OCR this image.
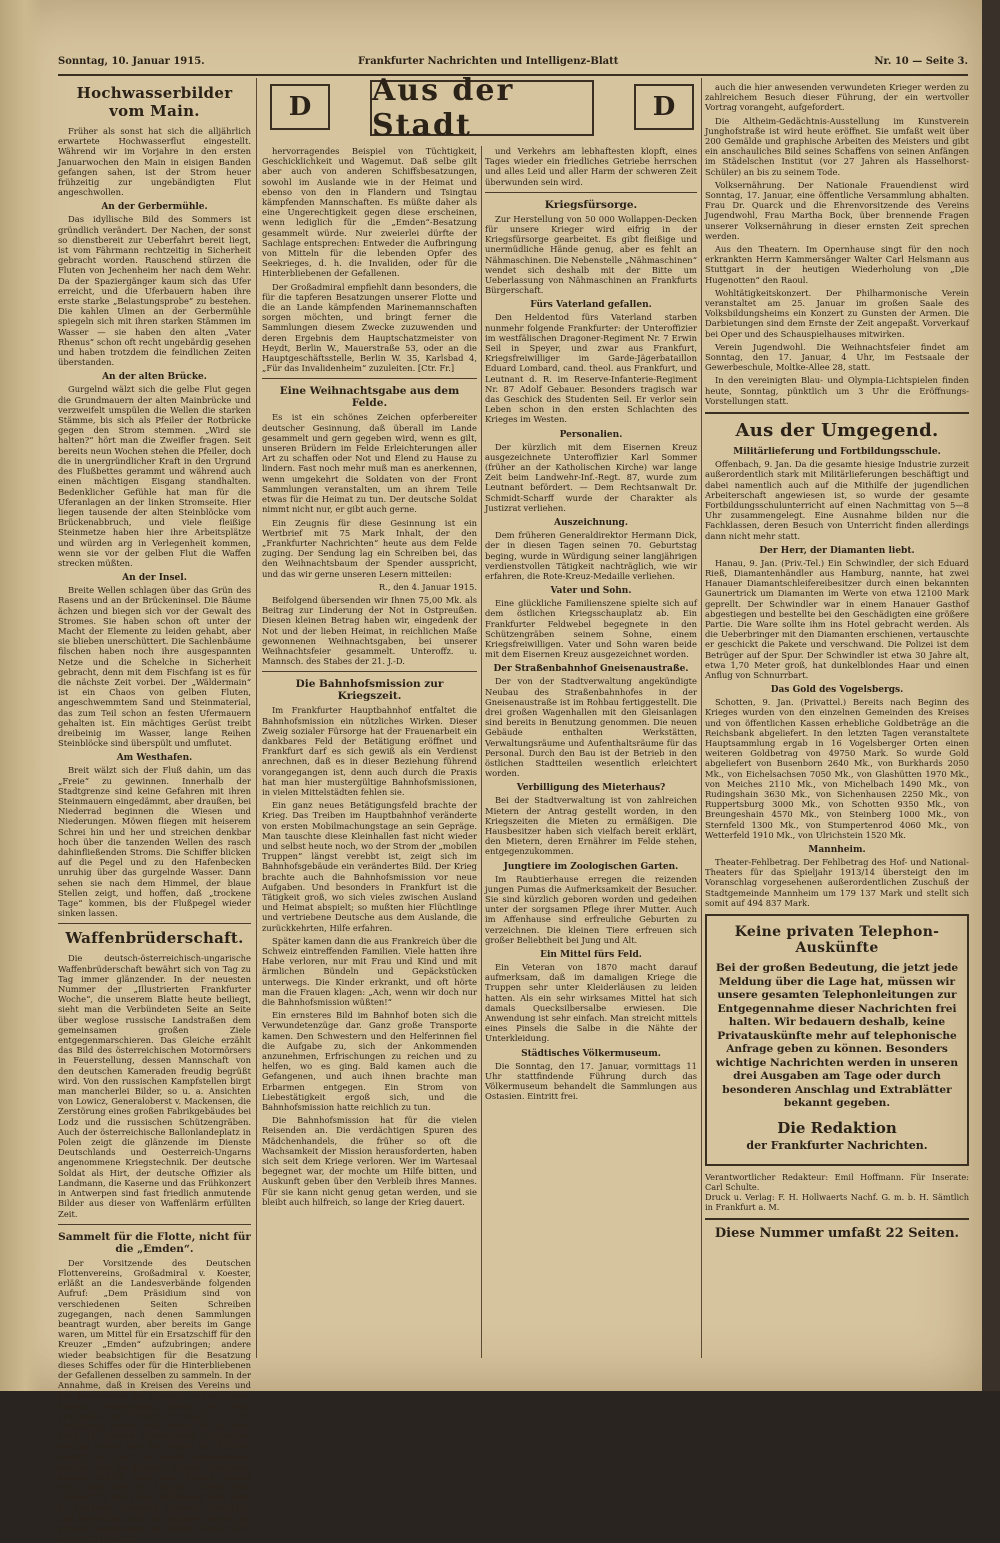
Sonntag, 10. Januar 1915.	Frankfurter Nachrichten und Intelligenz-Blatt	Nr. 10 — Seite 3.
D	Aus der Stadt
D
Hochwasserbilder vom Main.

Früher als sonst hat sich die alljährlich erwartete Hochwasserflut eingestellt. Während wir im Vorjahre in den ersten Januarwochen den Main in eisigen Banden gefangen sahen, ist der Strom heuer frühzeitig zur ungebändigten Flut angeschwollen.

An der Gerbermühle.

Das idyllische Bild des Sommers ist gründlich verändert. Der Nachen, der sonst so dienstbereit zur Ueberfahrt bereit liegt, ist vom Fährmann rechtzeitig in Sicherheit gebracht worden. Rauschend stürzen die Fluten von Jechenheim her nach dem Wehr. Da der Spaziergänger kaum sich das Ufer erreicht, und die Uferbauern haben ihre erste starke „Belastungsprobe“ zu bestehen. Die kahlen Ulmen an der Gerbermühle spiegeln sich mit ihren starken Stämmen im Wasser — sie haben den alten „Vater Rhenus“ schon oft recht ungebärdig gesehen und haben trotzdem die feindlichen Zeiten überstanden.

An der alten Brücke.

Gurgelnd wälzt sich die gelbe Flut gegen die Grundmauern der alten Mainbrücke und verzweifelt umspülen die Wellen die starken Stämme, bis sich als Pfeiler der Rotbrücke gegen den Strom stemmen. „Wird sie halten?“ hört man die Zweifler fragen. Seit bereits neun Wochen stehen die Pfeiler, doch die in unergründlicher Kraft in den Urgrund des Flußbettes gerammt und während auch einen mächtigen Eisgang standhalten. Bedenklicher Gefühle hat man für die Uferanlagen an der linken Stromseite. Hier liegen tausende der alten Steinblöcke vom Brückenabbruch, und viele fleißige Steinmetze haben hier ihre Arbeitsplätze und würden arg in Verlegenheit kommen, wenn sie vor der gelben Flut die Waffen strecken müßten.

An der Insel.

Breite Wellen schlagen über das Grün des Rasens und an der Brückeninsel. Die Bäume ächzen und biegen sich vor der Gewalt des Stromes. Sie haben schon oft unter der Macht der Elemente zu leiden gehabt, aber sie blieben unerschüttert. Die Sachlenbäume filschen haben noch ihre ausgespannten Netze und die Schelche in Sicherheit gebracht, denn mit dem Fischfang ist es für die nächste Zeit vorbei. Der „Wäldermain“ ist ein Chaos von gelben Fluten, angeschwemmtem Sand und Steinmaterial, das zum Teil schon an festen Ufermauern gehalten ist. Ein mächtiges Gerüst treibt dreibeinig im Wasser, lange Reihen Steinblöcke sind überspült und umflutet.

Am Westhafen.

Breit wälzt sich der Fluß dahin, um das „Freie“ zu gewinnen. Innerhalb der Stadtgrenze sind keine Gefahren mit ihren Steinmauern eingedämmt, aber draußen, bei Niederrad beginnen die Wiesen und Niederungen. Möwen fliegen mit heiserem Schrei hin und her und streichen denkbar hoch über die tanzenden Wellen des rasch dahinfließenden Stroms. Die Schiffer blicken auf die Pegel und zu den Hafenbecken unruhig über das gurgelnde Wasser. Dann sehen sie nach dem Himmel, der blaue Stellen zeigt, und hoffen, daß „trockene Tage“ kommen, bis der Flußpegel wieder sinken lassen.

Waffenbrüderschaft.

Die deutsch-österreichisch-ungarische Waffenbrüderschaft bewährt sich von Tag zu Tag immer glänzender. In der neuesten Nummer der „Illustrierten Frankfurter Woche“, die unserem Blatte heute beiliegt, sieht man die Verbündeten Seite an Seite über weglose russische Landstraßen dem gemeinsamen großen Ziele entgegenmarschieren. Das Gleiche erzählt das Bild des österreichischen Motormörsers in Feuerstellung, dessen Mannschaft von den deutschen Kameraden freudig begrüßt wird. Von den russischen Kampfstellen birgt man mancherlei Bilder, so u. a. Ansichten von Lowicz, Generaloberst v. Mackensen, die Zerstörung eines großen Fabrikgebäudes bei Lodz und die russischen Schützengräben. Auch der österreichische Ballonlandeplatz in Polen zeigt die glänzende im Dienste Deutschlands und Oesterreich-Ungarns angenommene Kriegstechnik. Der deutsche Soldat als Hirt, der deutsche Offizier als Landmann, die Kaserne und das Frühkonzert in Antwerpen sind fast friedlich anmutende Bilder aus dieser von Waffenlärm erfüllten Zeit.

Sammelt für die Flotte, nicht für die „Emden“.

Der Vorsitzende des Deutschen Flottenvereins, Großadmiral v. Koester, erläßt an die Landesverbände folgenden Aufruf: „Dem Präsidium sind von verschiedenen Seiten Schreiben zugegangen, nach denen Sammlungen beantragt wurden, aber bereits im Gange waren, um Mittel für ein Ersatzschiff für den Kreuzer „Emden“ aufzubringen; andere wieder beabsichtigen für die Besatzung dieses Schiffes oder für die Hinterbliebenen der Gefallenen desselben zu sammeln. In der Annahme, daß in Kreisen des Vereins und der Bevölkerung die Meinung verbreitet sein könnte, Sammlungen dieser Art seien erwünscht und förderlich, erkläre ich zur Aufklärung weiter, daß weder für das eine noch das andere Sammlungen ausgerufen werden sollen. Was den Ersatz des Schiffes betrifft, so darf als gewiß angenommen werden, daß der Kreuzer „Emden“ gleichwie andere Schiffe nach dem Kriege ersetzt wird, und daß in Zukunft wieder eine „Emden“ in der Flotte vorhanden sein wird. Es erscheint demnach Sammeln zwecklos, und beschränkt sich die Aufgabe darauf, die private Sammlungen zu diesem Zweck nicht weiter zu fördern.

hervorragendes Beispiel von Tüchtigkeit, Geschicklichkeit und Wagemut. Daß selbe gilt aber auch von anderen Schiffsbesatzungen, sowohl im Auslande wie in der Heimat und ebenso von den in Flandern und Tsingtau kämpfenden Mannschaften. Es müßte daher als eine Ungerechtigkeit gegen diese erscheinen, wenn lediglich für die „Emden“-Besatzung gesammelt würde. Nur zweierlei dürfte der Sachlage entsprechen: Entweder die Aufbringung von Mitteln für die lebenden Opfer des Seekrieges, d. h. die Invaliden, oder für die Hinterbliebenen der Gefallenen.

Der Großadmiral empfiehlt dann besonders, die für die tapferen Besatzungen unserer Flotte und die an Lande kämpfenden Marinemannschaften sorgen möchten, und bringt ferner die Sammlungen diesem Zwecke zuzuwenden und deren Ergebnis dem Hauptschatzmeister von Heydt, Berlin W., Mauerstraße 53, oder an die Hauptgeschäftsstelle, Berlin W. 35, Karlsbad 4, „Für das Invalidenheim“ zuzuleiten. [Ctr. Fr.]

Eine Weihnachtsgabe aus dem Felde.

Es ist ein schönes Zeichen opferbereiter deutscher Gesinnung, daß überall im Lande gesammelt und gern gegeben wird, wenn es gilt, unseren Brüdern im Felde Erleichterungen aller Art zu schaffen oder Not und Elend zu Hause zu lindern. Fast noch mehr muß man es anerkennen, wenn umgekehrt die Soldaten von der Front Sammlungen veranstalten, um an ihrem Teile etwas für die Heimat zu tun. Der deutsche Soldat nimmt nicht nur, er gibt auch gerne.

Ein Zeugnis für diese Gesinnung ist ein Wertbrief mit 75 Mark Inhalt, der den „Frankfurter Nachrichten“ heute aus dem Felde zuging. Der Sendung lag ein Schreiben bei, das den Weihnachtsbaum der Spender ausspricht, und das wir gerne unseren Lesern mitteilen:

R., den 4. Januar 1915.

Beifolgend übersenden wir Ihnen 75,00 Mk. als Beitrag zur Linderung der Not in Ostpreußen. Diesen kleinen Betrag haben wir, eingedenk der Not und der lieben Heimat, in reichlichen Maße gewonnenen Weihnachtsgaben, bei unserer Weihnachtsfeier gesammelt. Unteroffz. u. Mannsch. des Stabes der 21. J.-D.

Die Bahnhofsmission zur Kriegszeit.

Im Frankfurter Hauptbahnhof entfaltet die Bahnhofsmission ein nützliches Wirken. Dieser Zweig sozialer Fürsorge hat der Frauenarbeit ein dankbares Feld der Betätigung eröffnet und Frankfurt darf es sich gewiß als ein Verdienst anrechnen, daß es in dieser Beziehung führend vorangegangen ist, denn auch durch die Praxis hat man hier mustergültige Bahnhofsmissionen, in vielen Mittelstädten fehlen sie.

Ein ganz neues Betätigungsfeld brachte der Krieg. Das Treiben im Hauptbahnhof veränderte von ersten Mobilmachungstage an sein Gepräge. Man tauschte diese Kleinhallen fast nicht wieder und selbst heute noch, wo der Strom der „mobilen Truppen“ längst verebbt ist, zeigt sich im Bahnhofsgebäude ein verändertes Bild. Der Krieg brachte auch die Bahnhofsmission vor neue Aufgaben. Und besonders in Frankfurt ist die Tätigkeit groß, wo sich vieles zwischen Ausland und Heimat abspielt; so mußten hier Flüchtlinge und vertriebene Deutsche aus dem Auslande, die zurückkehrten, Hilfe erfahren.

Später kamen dann die aus Frankreich über die Schweiz eintreffenden Familien. Viele hatten ihre Habe verloren, nur mit Frau und Kind und mit ärmlichen Bündeln und Gepäckstücken unterwegs. Die Kinder erkrankt, und oft hörte man die Frauen klagen: „Ach, wenn wir doch nur die Bahnhofsmission wüßten!“

Ein ernsteres Bild im Bahnhof boten sich die Verwundetenzüge dar. Ganz große Transporte kamen. Den Schwestern und den Helferinnen fiel die Aufgabe zu, sich der Ankommenden anzunehmen, Erfrischungen zu reichen und zu helfen, wo es ging. Bald kamen auch die Gefangenen, und auch ihnen brachte man Erbarmen entgegen. Ein Strom von Liebestätigkeit ergoß sich, und die Bahnhofsmission hatte reichlich zu tun.

Die Bahnhofsmission hat für die vielen Reisenden an. Die verdächtigen Spuren des Mädchenhandels, die früher so oft die Wachsamkeit der Mission herausforderten, haben sich seit dem Kriege verloren. Wer im Wartesaal begegnet war, der mochte um Hilfe bitten, und Auskunft geben über den Verbleib ihres Mannes. Für sie kann nicht genug getan werden, und sie bleibt auch hilfreich, so lange der Krieg dauert.

und Verkehrs am lebhaftesten klopft, eines Tages wieder ein friedliches Getriebe herrschen und alles Leid und aller Harm der schweren Zeit überwunden sein wird.

Kriegsfürsorge.

Zur Herstellung von 50 000 Wollappen-Decken für unsere Krieger wird eifrig in der Kriegsfürsorge gearbeitet. Es gibt fleißige und unermüdliche Hände genug, aber es fehlt an Nähmaschinen. Die Nebenstelle „Nähmaschinen“ wendet sich deshalb mit der Bitte um Ueberlassung von Nähmaschinen an Frankfurts Bürgerschaft.

Fürs Vaterland gefallen.

Den Heldentod fürs Vaterland starben nunmehr folgende Frankfurter: der Unteroffizier im westfälischen Dragoner-Regiment Nr. 7 Erwin Seil in Speyer, und zwar aus Frankfurt, Kriegsfreiwilliger im Garde-Jägerbataillon Eduard Lombard, cand. theol. aus Frankfurt, und Leutnant d. R. im Reserve-Infanterie-Regiment Nr. 87 Adolf Gebauer. Besonders tragisch war das Geschick des Studenten Seil. Er verlor sein Leben schon in den ersten Schlachten des Krieges im Westen.

Personalien.

Der kürzlich mit dem Eisernen Kreuz ausgezeichnete Unteroffizier Karl Sommer (früher an der Katholischen Kirche) war lange Zeit beim Landwehr-Inf.-Regt. 87, wurde zum Leutnant befördert. — Dem Rechtsanwalt Dr. Schmidt-Scharff wurde der Charakter als Justizrat verliehen.

Auszeichnung.

Dem früheren Generaldirektor Hermann Dick, der in diesen Tagen seinen 70. Geburtstag beging, wurde in Würdigung seiner langjährigen verdienstvollen Tätigkeit nachträglich, wie wir erfahren, die Rote-Kreuz-Medaille verliehen.

Vater und Sohn.

Eine glückliche Familienszene spielte sich auf dem östlichen Kriegsschauplatz ab. Ein Frankfurter Feldwebel begegnete in den Schützengräben seinem Sohne, einem Kriegsfreiwilligen. Vater und Sohn waren beide mit dem Eisernen Kreuz ausgezeichnet worden.

Der Straßenbahnhof Gneisenaustraße.

Der von der Stadtverwaltung angekündigte Neubau des Straßenbahnhofes in der Gneisenaustraße ist im Rohbau fertiggestellt. Die drei großen Wagenhallen mit den Gleisanlagen sind bereits in Benutzung genommen. Die neuen Gebäude enthalten Werkstätten, Verwaltungsräume und Aufenthaltsräume für das Personal. Durch den Bau ist der Betrieb in den östlichen Stadtteilen wesentlich erleichtert worden.

Verbilligung des Mieterhaus?

Bei der Stadtverwaltung ist von zahlreichen Mietern der Antrag gestellt worden, in den Kriegszeiten die Mieten zu ermäßigen. Die Hausbesitzer haben sich vielfach bereit erklärt, den Mietern, deren Ernährer im Felde stehen, entgegenzukommen.

Jungtiere im Zoologischen Garten.

Im Raubtierhause erregen die reizenden jungen Pumas die Aufmerksamkeit der Besucher. Sie sind kürzlich geboren worden und gedeihen unter der sorgsamen Pflege ihrer Mutter. Auch im Affenhause sind erfreuliche Geburten zu verzeichnen. Die kleinen Tiere erfreuen sich großer Beliebtheit bei Jung und Alt.

Ein Mittel fürs Feld.

Ein Veteran von 1870 macht darauf aufmerksam, daß im damaligen Kriege die Truppen sehr unter Kleiderläusen zu leiden hatten. Als ein sehr wirksames Mittel hat sich damals Quecksilbersalbe erwiesen. Die Anwendung ist sehr einfach. Man streicht mittels eines Pinsels die Salbe in die Nähte der Unterkleidung.

Städtisches Völkermuseum.

Die Sonntag, den 17. Januar, vormittags 11 Uhr stattfindende Führung durch das Völkermuseum behandelt die Sammlungen aus Ostasien. Eintritt frei.

auch die hier anwesenden verwundeten Krieger werden zu zahlreichem Besuch dieser Führung, der ein wertvoller Vortrag vorangeht, aufgefordert.

Die Altheim-Gedächtnis-Ausstellung im Kunstverein Junghofstraße ist wird heute eröffnet. Sie umfaßt weit über 200 Gemälde und graphische Arbeiten des Meisters und gibt ein anschauliches Bild seines Schaffens von seinen Anfängen im Städelschen Institut (vor 27 Jahren als Hasselhorst-Schüler) an bis zu seinem Tode.

Volksernährung. Der Nationale Frauendienst wird Sonntag, 17. Januar, eine öffentliche Versammlung abhalten. Frau Dr. Quarck und die Ehrenvorsitzende des Vereins Jugendwohl, Frau Martha Bock, über brennende Fragen unserer Volksernährung in dieser ernsten Zeit sprechen werden.

Aus den Theatern. Im Opernhause singt für den noch erkrankten Herrn Kammersänger Walter Carl Helsmann aus Stuttgart in der heutigen Wiederholung von „Die Hugenotten“ den Raoul.

Wohltätigkeitskonzert. Der Philharmonische Verein veranstaltet am 25. Januar im großen Saale des Volksbildungsheims ein Konzert zu Gunsten der Armen. Die Darbietungen sind dem Ernste der Zeit angepaßt. Vorverkauf bei Oper und des Schauspielhauses mitwirken.

Verein Jugendwohl. Die Weihnachtsfeier findet am Sonntag, den 17. Januar, 4 Uhr, im Festsaale der Gewerbeschule, Moltke-Allee 28, statt.

In den vereinigten Blau- und Olympia-Lichtspielen finden heute, Sonntag, pünktlich um 3 Uhr die Eröffnungs-Vorstellungen statt.

Aus der Umgegend.
Militärlieferung und Fortbildungsschule.

Offenbach, 9. Jan. Da die gesamte hiesige Industrie zurzeit außerordentlich stark mit Militärlieferungen beschäftigt und dabei namentlich auch auf die Mithilfe der jugendlichen Arbeiterschaft angewiesen ist, so wurde der gesamte Fortbildungsschulunterricht auf einen Nachmittag von 5—8 Uhr zusammengelegt. Eine Ausnahme bilden nur die Fachklassen, deren Besuch von Unterricht finden allerdings dann nicht mehr statt.

Der Herr, der Diamanten liebt.

Hanau, 9. Jan. (Priv.-Tel.) Ein Schwindler, der sich Eduard Rieß, Diamantenhändler aus Hamburg, nannte, hat zwei Hanauer Diamantschleifereibesitzer durch einen bekannten Gaunertrick um Diamanten im Werte von etwa 12100 Mark geprellt. Der Schwindler war in einem Hanauer Gasthof abgestiegen und bestellte bei den Geschädigten eine größere Partie. Die Ware sollte ihm ins Hotel gebracht werden. Als die Ueberbringer mit den Diamanten erschienen, vertauschte er geschickt die Pakete und verschwand. Die Polizei ist dem Betrüger auf der Spur. Der Schwindler ist etwa 30 Jahre alt, etwa 1,70 Meter groß, hat dunkelblondes Haar und einen Anflug von Schnurrbart.

Das Gold des Vogelsbergs.

Schotten, 9. Jan. (Privattel.) Bereits nach Beginn des Krieges wurden von den einzelnen Gemeinden des Kreises und von öffentlichen Kassen erhebliche Goldbeträge an die Reichsbank abgeliefert. In den letzten Tagen veranstaltete Hauptsammlung ergab in 16 Vogelsberger Orten einen weiteren Goldbetrag von 49750 Mark. So wurde Gold abgeliefert von Busenborn 2640 Mk., von Burkhards 2050 Mk., von Eichelsachsen 7050 Mk., von Glashütten 1970 Mk., von Meiches 2110 Mk., von Michelbach 1490 Mk., von Rudingshain 3630 Mk., von Sichenhausen 2250 Mk., von Ruppertsburg 3000 Mk., von Schotten 9350 Mk., von Breungeshain 4570 Mk., von Steinberg 1000 Mk., von Sternfeld 1300 Mk., von Stumpertenrod 4060 Mk., von Wetterfeld 1910 Mk., von Ulrichstein 1520 Mk.

Mannheim.

Theater-Fehlbetrag. Der Fehlbetrag des Hof- und National-Theaters für das Spieljahr 1913/14 übersteigt den im Voranschlag vorgesehenen außerordentlichen Zuschuß der Stadtgemeinde Mannheim um 179 137 Mark und stellt sich somit auf 494 837 Mark.

Keine privaten Telephon-Auskünfte

Bei der großen Bedeutung, die jetzt jede Meldung über die Lage hat, müssen wir unsere gesamten Telephonleitungen zur Entgegennahme dieser Nachrichten frei halten. Wir bedauern deshalb, keine Privatauskünfte mehr auf telephonische Anfrage geben zu können. Besonders wichtige Nachrichten werden in unseren drei Ausgaben am Tage oder durch besonderen Anschlag und Extrablätter bekannt gegeben.

Die Redaktion
der Frankfurter Nachrichten.

Verantwortlicher Redakteur: Emil Hoffmann. Für Inserate: Carl Schulte.

Druck u. Verlag: F. H. Hollwaerts Nachf. G. m. b. H. Sämtlich in Frankfurt a. M.

Diese Nummer umfaßt 22 Seiten.
